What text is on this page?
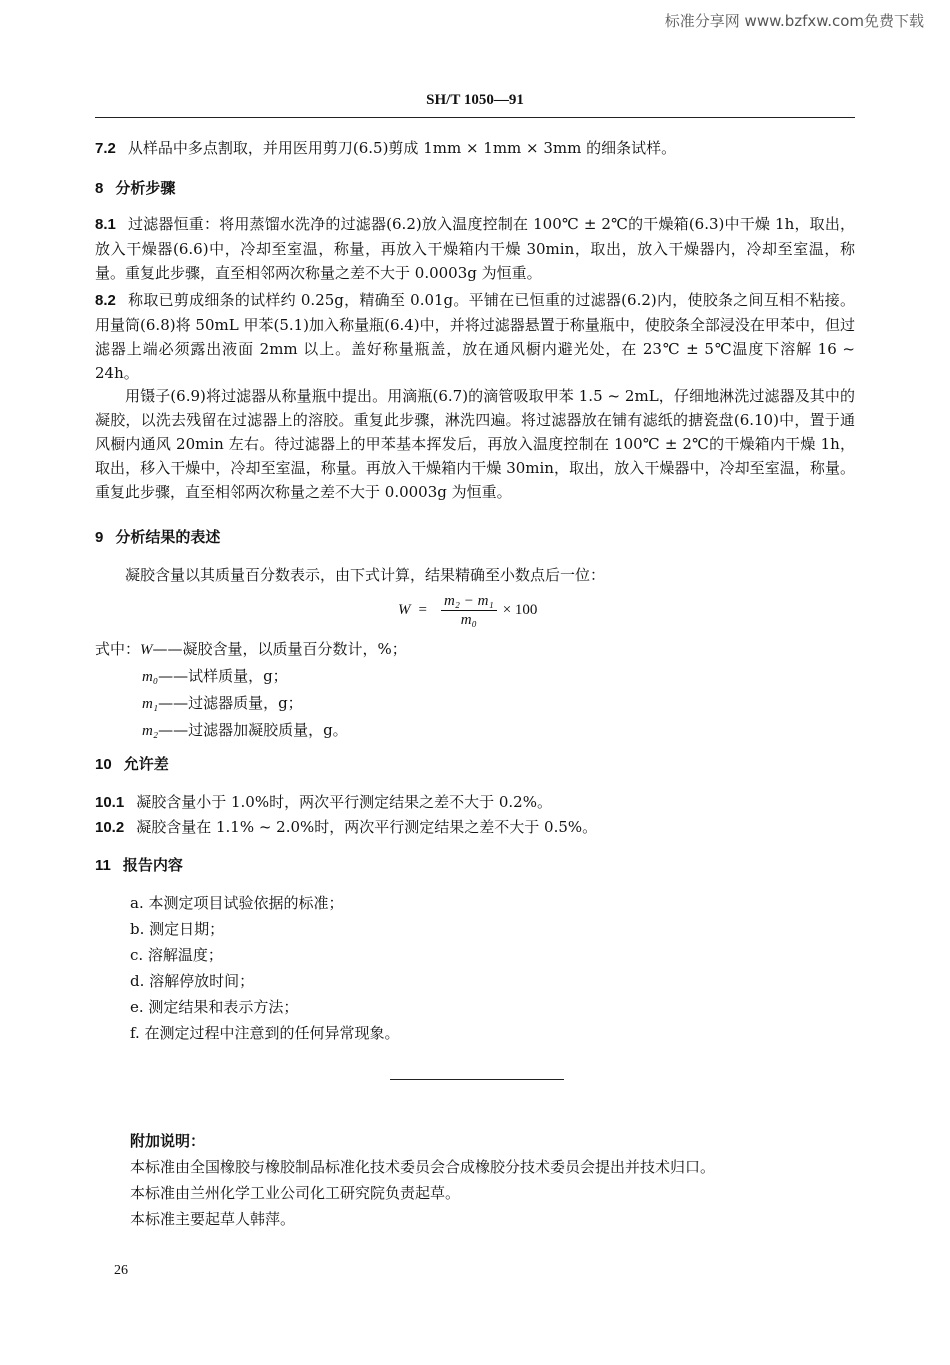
标准分享网 www.bzfxw.com免费下载
SH/T 1050—91
7.2 从样品中多点割取，并用医用剪刀(6.5)剪成 1mm × 1mm × 3mm 的细条试样。
8 分析步骤
8.1 过滤器恒重：将用蒸馏水洗净的过滤器(6.2)放入温度控制在 100℃ ± 2℃的干燥箱(6.3)中干燥 1h，取出，放入干燥器(6.6)中，冷却至室温，称量，再放入干燥箱内干燥 30min，取出，放入干燥器内，冷却至室温，称量。重复此步骤，直至相邻两次称量之差不大于 0.0003g 为恒重。
8.2 称取已剪成细条的试样约 0.25g，精确至 0.01g。平铺在已恒重的过滤器(6.2)内，使胶条之间互相不粘接。用量筒(6.8)将 50mL 甲苯(5.1)加入称量瓶(6.4)中，并将过滤器悬置于称量瓶中，使胶条全部浸没在甲苯中，但过滤器上端必须露出液面 2mm 以上。盖好称量瓶盖，放在通风橱内避光处，在 23℃ ± 5℃温度下溶解 16 ~ 24h。
用镊子(6.9)将过滤器从称量瓶中提出。用滴瓶(6.7)的滴管吸取甲苯 1.5 ~ 2mL，仔细地淋洗过滤器及其中的凝胶，以洗去残留在过滤器上的溶胶。重复此步骤，淋洗四遍。将过滤器放在铺有滤纸的搪瓷盘(6.10)中，置于通风橱内通风 20min 左右。待过滤器上的甲苯基本挥发后，再放入温度控制在 100℃ ± 2℃的干燥箱内干燥 1h，取出，移入干燥中，冷却至室温，称量。再放入干燥箱内干燥 30min，取出，放入干燥器中，冷却至室温，称量。重复此步骤，直至相邻两次称量之差不大于 0.0003g 为恒重。
9 分析结果的表述
凝胶含量以其质量百分数表示，由下式计算，结果精确至小数点后一位：
$W = \frac{\text{m₂ − m₁}}{\text{m₀}} \times 100$
式中：W——凝胶含量，以质量百分数计，%；
m₀——试样质量，g；
m₁——过滤器质量，g；
m₂——过滤器加凝胶质量，g。
10 允许差
10.1 凝胶含量小于 1.0%时，两次平行测定结果之差不大于 0.2%。
10.2 凝胶含量在 1.1% ~ 2.0%时，两次平行测定结果之差不大于 0.5%。
11 报告内容
a. 本测定项目试验依据的标准；
b. 测定日期；
c. 溶解温度；
d. 溶解停放时间；
e. 测定结果和表示方法；
f. 在测定过程中注意到的任何异常现象。
附加说明：
本标准由全国橡胶与橡胶制品标准化技术委员会合成橡胶分技术委员会提出并技术归口。
本标准由兰州化学工业公司化工研究院负责起草。
本标准主要起草人韩萍。
26
